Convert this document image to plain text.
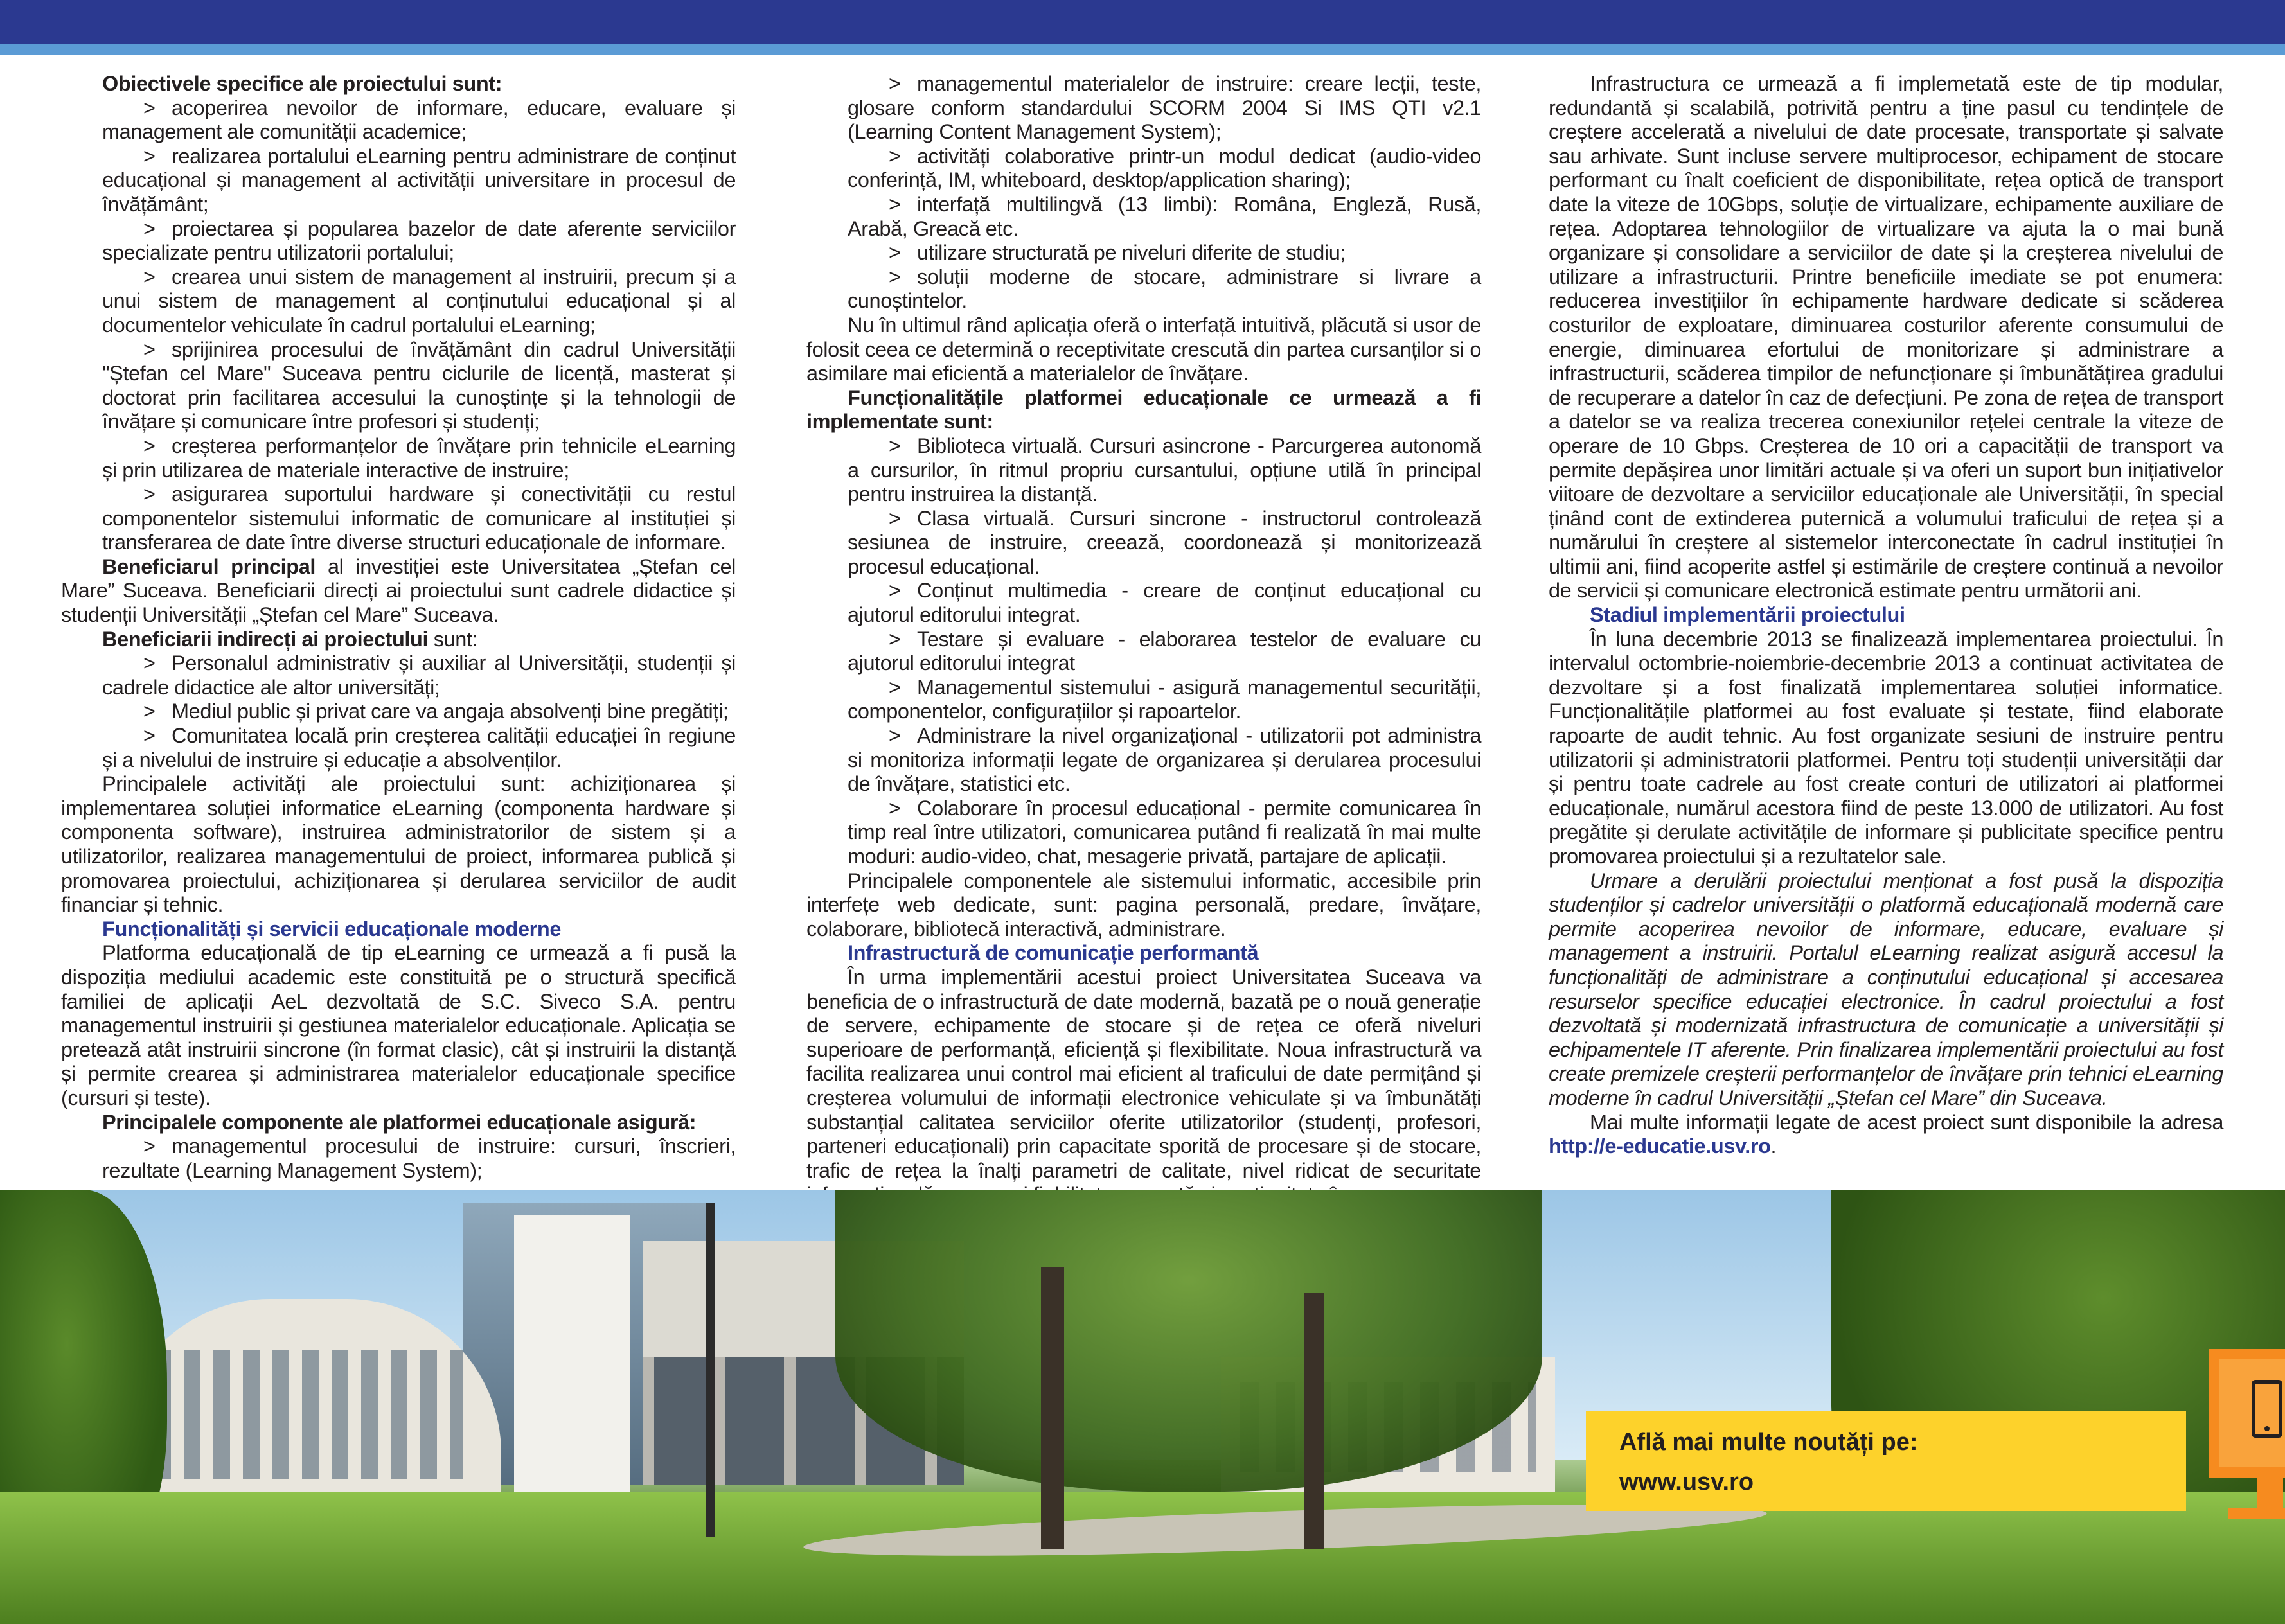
Obiectivele specifice ale proiectului sunt:

> acoperirea nevoilor de informare, educare, evaluare și management ale comunității academice;

> realizarea portalului eLearning pentru administrare de conținut educațional și management al activității universitare in procesul de învățământ;

> proiectarea și popularea bazelor de date aferente serviciilor specializate pentru utilizatorii portalului;

> crearea unui sistem de management al instruirii, precum și a unui sistem de management al conținutului educațional și al documentelor vehiculate în cadrul portalului eLearning;

> sprijinirea procesului de învățământ din cadrul Universității "Ștefan cel Mare" Suceava pentru ciclurile de licență, masterat și doctorat prin facilitarea accesului la cunoștințe și la tehnologii de învățare și comunicare între profesori și studenți;

> creșterea performanțelor de învățare prin tehnicile eLearning și prin utilizarea de materiale interactive de instruire;

> asigurarea suportului hardware și conectivității cu restul componentelor sistemului informatic de comunicare al instituției și transferarea de date între diverse structuri educaționale de informare.

Beneficiarul principal al investiției este Universitatea „Ștefan cel Mare” Suceava. Beneficiarii direcți ai proiectului sunt cadrele didactice și studenții Universității „Ștefan cel Mare” Suceava.

Beneficiarii indirecți ai proiectului sunt:

> Personalul administrativ și auxiliar al Universității, studenții și cadrele didactice ale altor universități;

> Mediul public și privat care va angaja absolvenți bine pregătiți;

> Comunitatea locală prin creșterea calității educației în regiune și a nivelului de instruire și educație a absolvenților.

Principalele activități ale proiectului sunt: achiziționarea și implementarea soluției informatice eLearning (componenta hardware și componenta software), instruirea administratorilor de sistem și a utilizatorilor, realizarea managementului de proiect, informarea publică și promovarea proiectului, achiziționarea și derularea serviciilor de audit financiar și tehnic.

Funcționalități și servicii educaționale moderne

Platforma educațională de tip eLearning ce urmează a fi pusă la dispoziția mediului academic este constituită pe o structură specifică familiei de aplicații AeL dezvoltată de S.C. Siveco S.A. pentru managementul instruirii și gestiunea materialelor educaționale. Aplicația se pretează atât instruirii sincrone (în format clasic), cât și instruirii la distanță și permite crearea și administrarea materialelor educaționale specifice (cursuri și teste).

Principalele componente ale platformei educaționale asigură:

> managementul procesului de instruire: cursuri, înscrieri, rezultate (Learning Management System);

> managementul materialelor de instruire: creare lecții, teste, glosare conform standardului SCORM 2004 Si IMS QTI v2.1 (Learning Content Management System);

> activități colaborative printr-un modul dedicat (audio-video conferință, IM, whiteboard, desktop/application sharing);

> interfață multilingvă (13 limbi): Româna, Engleză, Rusă, Arabă, Greacă etc.

> utilizare structurată pe niveluri diferite de studiu;

> soluții moderne de stocare, administrare si livrare a cunoștintelor.

Nu în ultimul rând aplicația oferă o interfață intuitivă, plăcută si usor de folosit ceea ce determină o receptivitate crescută din partea cursanților si o asimilare mai eficientă a materialelor de învățare.

Funcționalitățile platformei educaționale ce urmează a fi implementate sunt:

> Biblioteca virtuală. Cursuri asincrone - Parcurgerea autonomă a cursurilor, în ritmul propriu cursantului, opțiune utilă în principal pentru instruirea la distanță.

> Clasa virtuală. Cursuri sincrone - instructorul controlează sesiunea de instruire, creează, coordonează și monitorizează procesul educațional.

> Conținut multimedia - creare de conținut educațional cu ajutorul editorului integrat.

> Testare și evaluare - elaborarea testelor de evaluare cu ajutorul editorului integrat

> Managementul sistemului - asigură managementul securității, componentelor, configurațiilor și rapoartelor.

> Administrare la nivel organizațional - utilizatorii pot administra si monitoriza informații legate de organizarea și derularea procesului de învățare, statistici etc.

> Colaborare în procesul educațional - permite comunicarea în timp real între utilizatori, comunicarea putând fi realizată în mai multe moduri: audio-video, chat, mesagerie privată, partajare de aplicații.

Principalele componentele ale sistemului informatic, accesibile prin interfețe web dedicate, sunt: pagina personală, predare, învățare, colaborare, bibliotecă interactivă, administrare.

Infrastructură de comunicație performantă

În urma implementării acestui proiect Universitatea Suceava va beneficia de o infrastructură de date modernă, bazată pe o nouă generație de servere, echipamente de stocare și de rețea ce oferă niveluri superioare de performanță, eficiență și flexibilitate. Noua infrastructură va facilita realizarea unui control mai eficient al traficului de date permițând și creșterea volumului de informații electronice vehiculate și va îmbunătăți substanțial calitatea serviciilor oferite utilizatorilor (studenți, profesori, parteneri educaționali) prin capacitate sporită de procesare și de stocare, trafic de rețea la înalți parametri de calitate, nivel ridicat de securitate

Infrastructura ce urmează a fi implemetată este de tip modular, redundantă și scalabilă, potrivită pentru a ține pasul cu tendințele de creștere accelerată a nivelului de date procesate, transportate și salvate sau arhivate. Sunt incluse servere multiprocesor, echipament de stocare performant cu înalt coeficient de disponibilitate, rețea optică de transport date la viteze de 10Gbps, soluție de virtualizare, echipamente auxiliare de rețea. Adoptarea tehnologiilor de virtualizare va ajuta la o mai bună organizare și consolidare a serviciilor de date și la creșterea nivelului de utilizare a infrastructurii. Printre beneficiile imediate se pot enumera: reducerea investițiilor în echipamente hardware dedicate si scăderea costurilor de exploatare, diminuarea costurilor aferente consumului de energie, diminuarea efortului de monitorizare și administrare a infrastructurii, scăderea timpilor de nefuncționare și îmbunătățirea gradului de recuperare a datelor în caz de defecțiuni. Pe zona de rețea de transport a datelor se va realiza trecerea conexiunilor rețelei centrale la viteze de operare de 10 Gbps. Creșterea de 10 ori a capacității de transport va permite depășirea unor limitări actuale și va oferi un suport bun inițiativelor viitoare de dezvoltare a serviciilor educaționale ale Universității, în special ținând cont de extinderea puternică a volumului traficului de rețea și a numărului în creștere al sistemelor interconectate în cadrul instituției în ultimii ani, fiind acoperite astfel și estimările de creștere continuă a nevoilor de servicii și comunicare electronică estimate pentru următorii ani.

Stadiul implementării proiectului

În luna decembrie 2013 se finalizează implementarea proiectului. În intervalul octombrie-noiembrie-decembrie 2013 a continuat activitatea de dezvoltare și a fost finalizată implementarea soluției informatice. Funcționalitățile platformei au fost evaluate și testate, fiind elaborate rapoarte de audit tehnic. Au fost organizate sesiuni de instruire pentru utilizatorii și administratorii platformei. Pentru toți studenții universității dar și pentru toate cadrele au fost create conturi de utilizatori ai platformei educaționale, numărul acestora fiind de peste 13.000 de utilizatori. Au fost pregătite și derulate activitățile de informare și publicitate specifice pentru promovarea proiectului și a rezultatelor sale.

Urmare a derulării proiectului menționat a fost pusă la dispoziția studenților și cadrelor universității o platformă educațională modernă care permite acoperirea nevoilor de informare, educare, evaluare și management a instruirii. Portalul eLearning realizat asigură accesul la funcționalități de administrare a conținutului educațional și accesarea resurselor specifice educației electronice. În cadrul proiectului a fost dezvoltată și modernizată infrastructura de comunicație a universității și echipamentele IT aferente. Prin finalizarea implementării proiectului au fost create premizele creșterii performanțelor de învățare prin tehnici eLearning moderne în cadrul Universității „Ștefan cel Mare” din Suceava.

Mai multe informații legate de acest proiect sunt disponibile la adresa http://e-educatie.usv.ro.

Află mai multe noutăți pe:
www.usv.ro
